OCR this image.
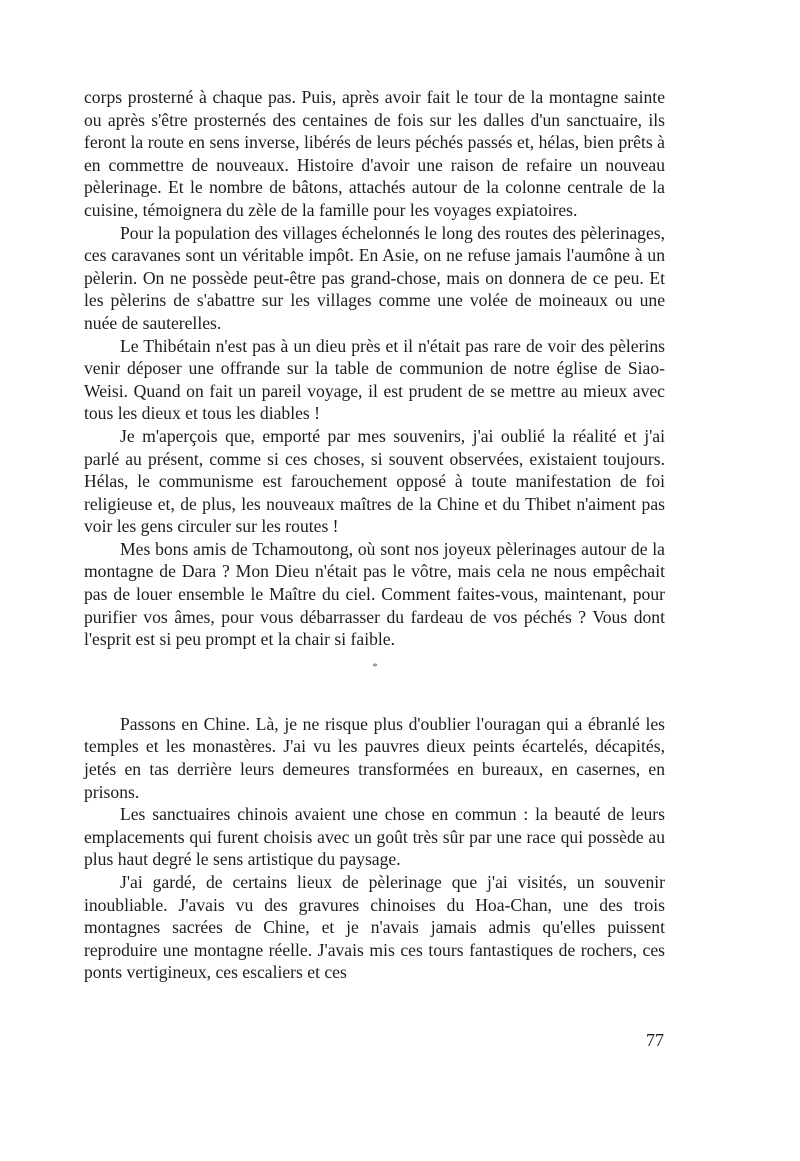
corps prosterné à chaque pas. Puis, après avoir fait le tour de la montagne sainte ou après s'être prosternés des centaines de fois sur les dalles d'un sanctuaire, ils feront la route en sens inverse, libérés de leurs péchés passés et, hélas, bien prêts à en commettre de nouveaux. Histoire d'avoir une raison de refaire un nouveau pèlerinage. Et le nombre de bâtons, attachés autour de la colonne centrale de la cuisine, témoignera du zèle de la famille pour les voyages expiatoires.

Pour la population des villages échelonnés le long des routes des pèlerinages, ces caravanes sont un véritable impôt. En Asie, on ne refuse jamais l'aumône à un pèlerin. On ne possède peut-être pas grand-chose, mais on donnera de ce peu. Et les pèlerins de s'abattre sur les villages comme une volée de moineaux ou une nuée de sauterelles.

Le Thibétain n'est pas à un dieu près et il n'était pas rare de voir des pèlerins venir déposer une offrande sur la table de communion de notre église de Siao-Weisi. Quand on fait un pareil voyage, il est prudent de se mettre au mieux avec tous les dieux et tous les diables !

Je m'aperçois que, emporté par mes souvenirs, j'ai oublié la réalité et j'ai parlé au présent, comme si ces choses, si souvent observées, existaient toujours. Hélas, le communisme est farouchement opposé à toute manifestation de foi religieuse et, de plus, les nouveaux maîtres de la Chine et du Thibet n'aiment pas voir les gens circuler sur les routes !

Mes bons amis de Tchamoutong, où sont nos joyeux pèlerinages autour de la montagne de Dara ? Mon Dieu n'était pas le vôtre, mais cela ne nous empêchait pas de louer ensemble le Maître du ciel. Comment faites-vous, maintenant, pour purifier vos âmes, pour vous débarrasser du fardeau de vos péchés ? Vous dont l'esprit est si peu prompt et la chair si faible.

*

Passons en Chine. Là, je ne risque plus d'oublier l'ouragan qui a ébranlé les temples et les monastères. J'ai vu les pauvres dieux peints écartelés, décapités, jetés en tas derrière leurs demeures transformées en bureaux, en casernes, en prisons.

Les sanctuaires chinois avaient une chose en commun : la beauté de leurs emplacements qui furent choisis avec un goût très sûr par une race qui possède au plus haut degré le sens artistique du paysage.

J'ai gardé, de certains lieux de pèlerinage que j'ai visités, un souvenir inoubliable. J'avais vu des gravures chinoises du Hoa-Chan, une des trois montagnes sacrées de Chine, et je n'avais jamais admis qu'elles puissent reproduire une montagne réelle. J'avais mis ces tours fantastiques de rochers, ces ponts vertigineux, ces escaliers et ces

77
